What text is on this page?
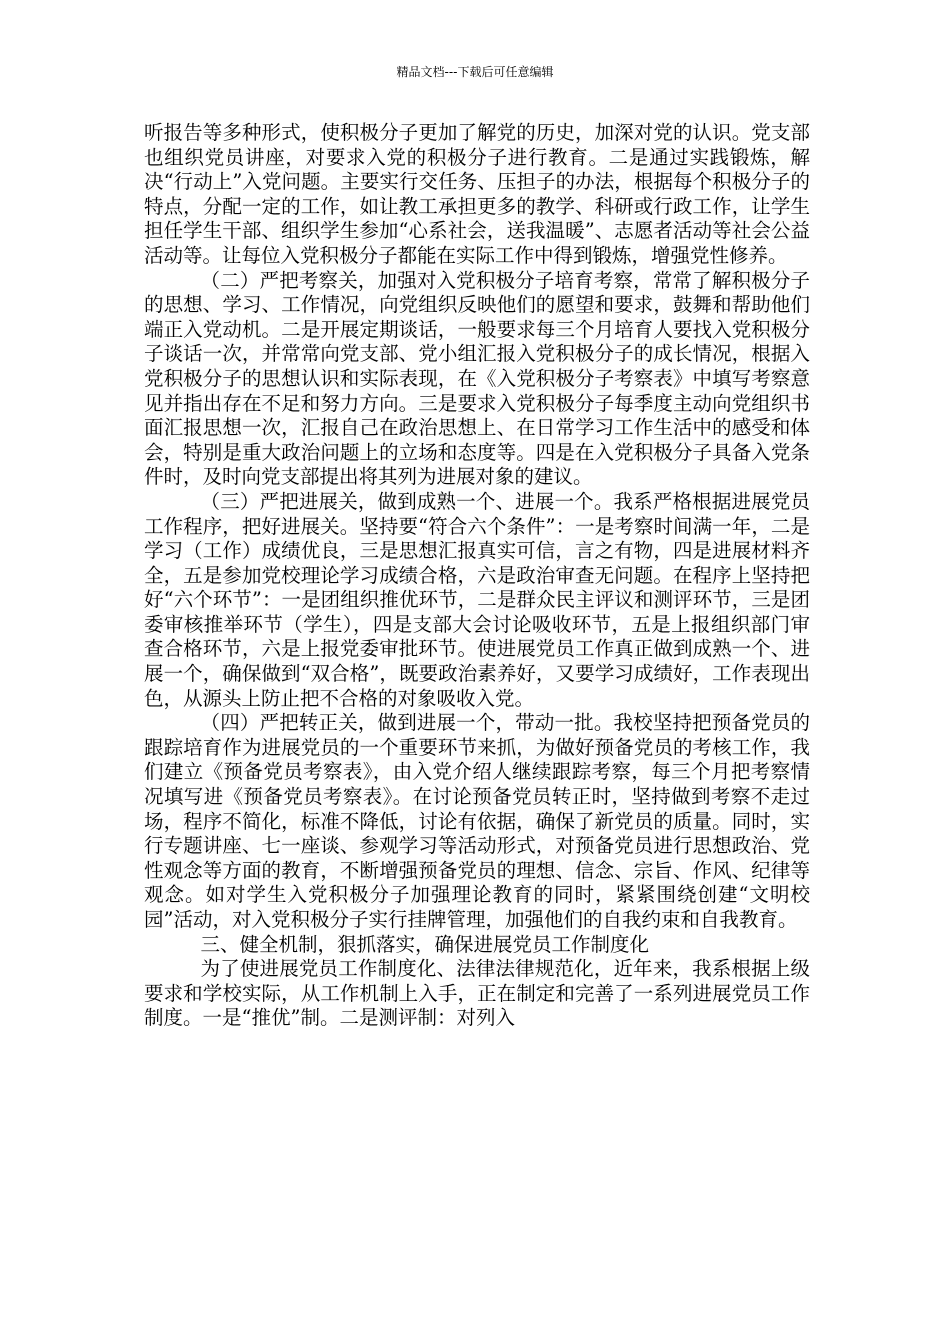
精品文档---下载后可任意编辑

听报告等多种形式，使积极分子更加了解党的历史，加深对党的认识。党支部也组织党员讲座，对要求入党的积极分子进行教育。二是通过实践锻炼，解决“行动上”入党问题。主要实行交任务、压担子的办法，根据每个积极分子的特点，分配一定的工作，如让教工承担更多的教学、科研或行政工作，让学生担任学生干部、组织学生参加“心系社会，送我温暖”、志愿者活动等社会公益活动等。让每位入党积极分子都能在实际工作中得到锻炼，增强党性修养。

（二）严把考察关，加强对入党积极分子培育考察，常常了解积极分子的思想、学习、工作情况，向党组织反映他们的愿望和要求，鼓舞和帮助他们端正入党动机。二是开展定期谈话，一般要求每三个月培育人要找入党积极分子谈话一次，并常常向党支部、党小组汇报入党积极分子的成长情况，根据入党积极分子的思想认识和实际表现，在《入党积极分子考察表》中填写考察意见并指出存在不足和努力方向。三是要求入党积极分子每季度主动向党组织书面汇报思想一次，汇报自己在政治思想上、在日常学习工作生活中的感受和体会，特别是重大政治问题上的立场和态度等。四是在入党积极分子具备入党条件时，及时向党支部提出将其列为进展对象的建议。

（三）严把进展关，做到成熟一个、进展一个。我系严格根据进展党员工作程序，把好进展关。坚持要“符合六个条件”：一是考察时间满一年，二是学习（工作）成绩优良，三是思想汇报真实可信，言之有物，四是进展材料齐全，五是参加党校理论学习成绩合格，六是政治审查无问题。在程序上坚持把好“六个环节”：一是团组织推优环节，二是群众民主评议和测评环节，三是团委审核推举环节（学生），四是支部大会讨论吸收环节，五是上报组织部门审查合格环节，六是上报党委审批环节。使进展党员工作真正做到成熟一个、进展一个，确保做到“双合格”，既要政治素养好，又要学习成绩好，工作表现出色，从源头上防止把不合格的对象吸收入党。

（四）严把转正关，做到进展一个，带动一批。我校坚持把预备党员的跟踪培育作为进展党员的一个重要环节来抓，为做好预备党员的考核工作，我们建立《预备党员考察表》，由入党介绍人继续跟踪考察，每三个月把考察情况填写进《预备党员考察表》。在讨论预备党员转正时，坚持做到考察不走过场，程序不简化，标准不降低，讨论有依据，确保了新党员的质量。同时，实行专题讲座、七一座谈、参观学习等活动形式，对预备党员进行思想政治、党性观念等方面的教育，不断增强预备党员的理想、信念、宗旨、作风、纪律等观念。如对学生入党积极分子加强理论教育的同时，紧紧围绕创建“文明校园”活动，对入党积极分子实行挂牌管理，加强他们的自我约束和自我教育。

三、健全机制，狠抓落实，确保进展党员工作制度化

为了使进展党员工作制度化、法律法律规范化，近年来，我系根据上级要求和学校实际，从工作机制上入手，正在制定和完善了一系列进展党员工作制度。一是“推优”制。二是测评制：对列入
